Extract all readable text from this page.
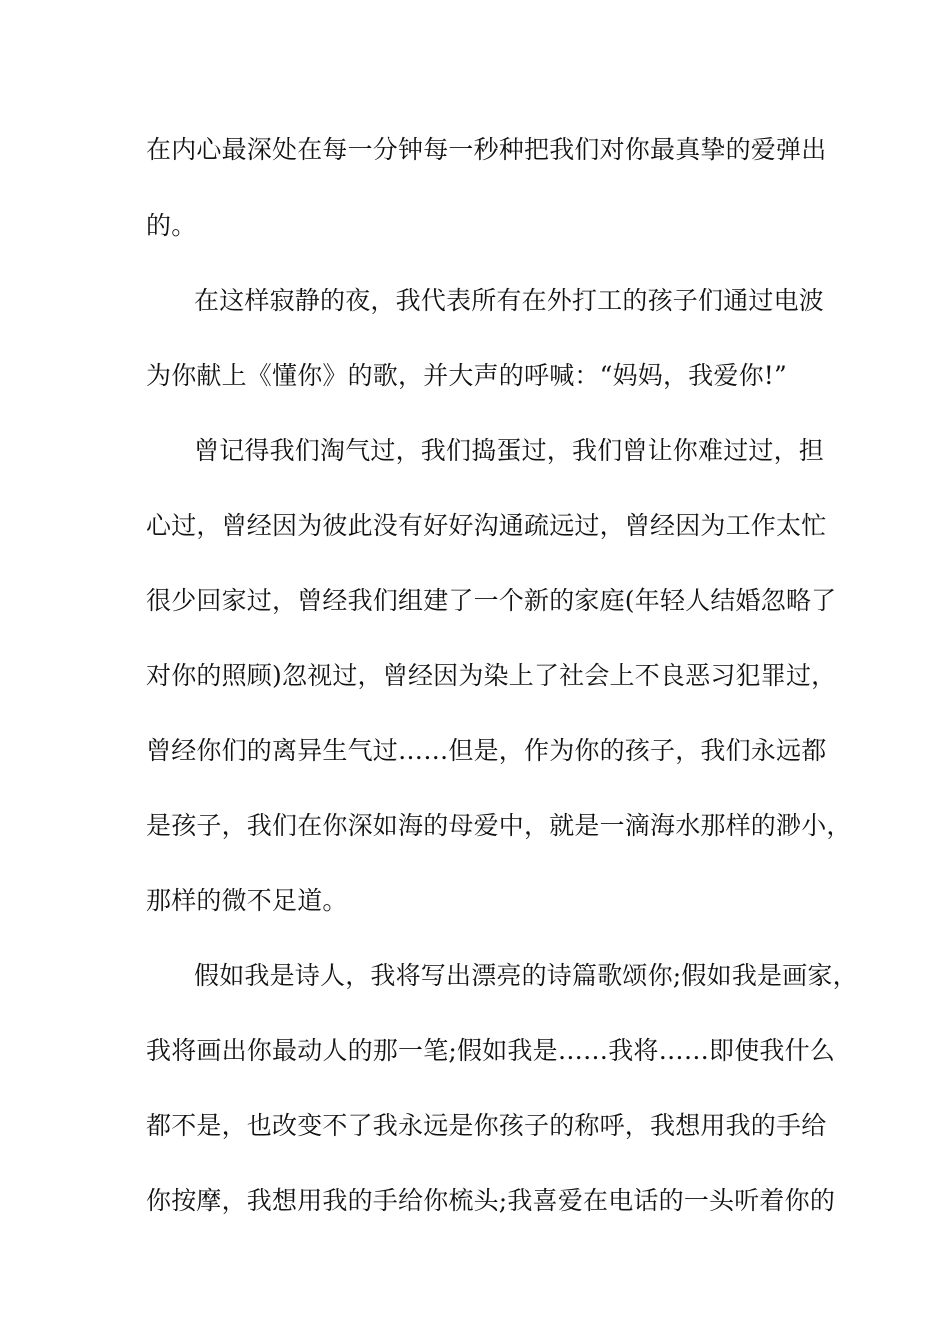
在内心最深处在每一分钟每一秒种把我们对你最真挚的爱弹出
的。
在这样寂静的夜，我代表所有在外打工的孩子们通过电波
为你献上《懂你》的歌，并大声的呼喊：“妈妈，我爱你!”
曾记得我们淘气过，我们捣蛋过，我们曾让你难过过，担
心过，曾经因为彼此没有好好沟通疏远过，曾经因为工作太忙
很少回家过，曾经我们组建了一个新的家庭(年轻人结婚忽略了
对你的照顾)忽视过，曾经因为染上了社会上不良恶习犯罪过，
曾经你们的离异生气过……但是，作为你的孩子，我们永远都
是孩子，我们在你深如海的母爱中，就是一滴海水那样的渺小，
那样的微不足道。
假如我是诗人，我将写出漂亮的诗篇歌颂你;假如我是画家，
我将画出你最动人的那一笔;假如我是……我将……即使我什么
都不是，也改变不了我永远是你孩子的称呼，我想用我的手给
你按摩，我想用我的手给你梳头;我喜爱在电话的一头听着你的
